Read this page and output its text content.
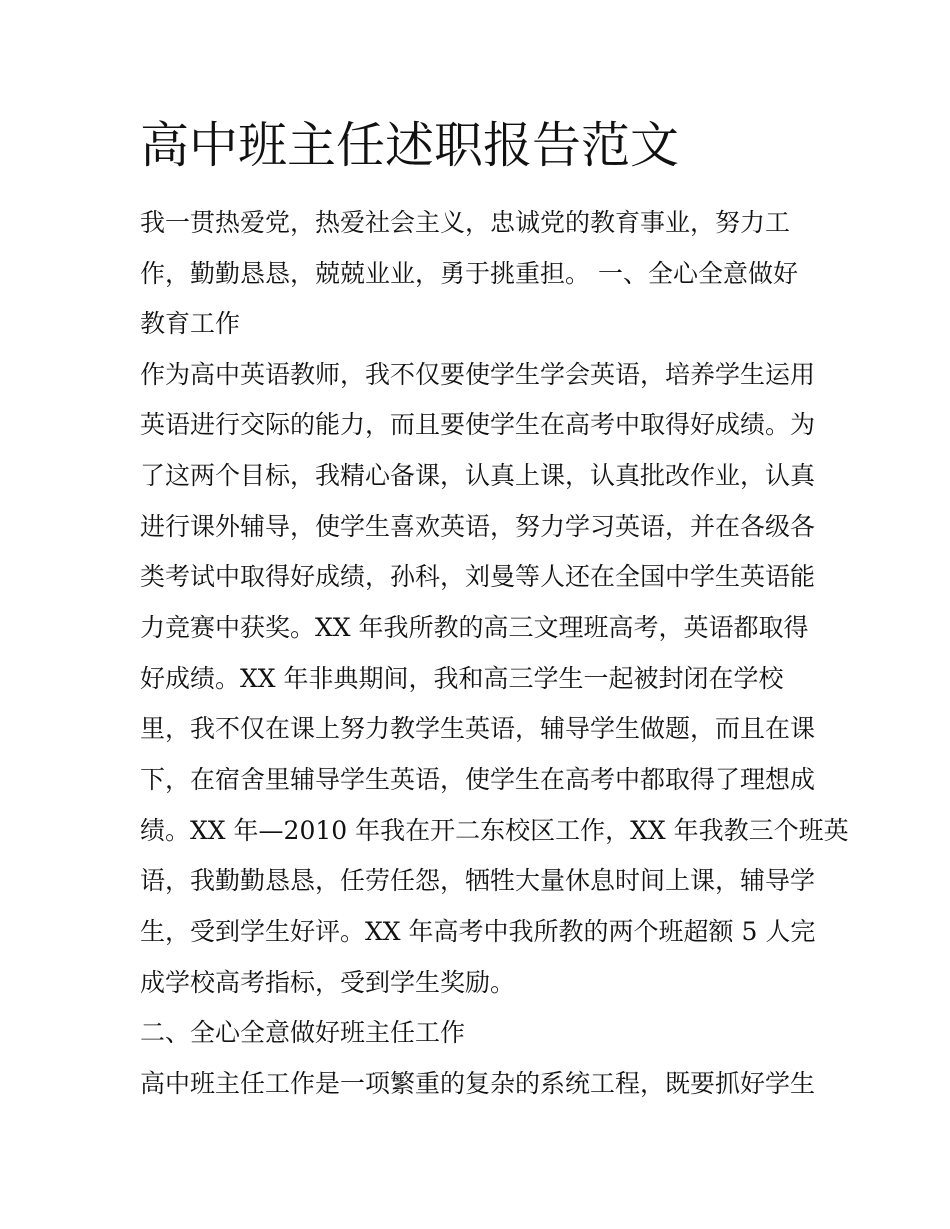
高中班主任述职报告范文

我一贯热爱党，热爱社会主义，忠诚党的教育事业，努力工

作，勤勤恳恳，兢兢业业，勇于挑重担。 一、全心全意做好

教育工作

作为高中英语教师，我不仅要使学生学会英语，培养学生运用

英语进行交际的能力，而且要使学生在高考中取得好成绩。为

了这两个目标，我精心备课，认真上课，认真批改作业，认真

进行课外辅导，使学生喜欢英语，努力学习英语，并在各级各

类考试中取得好成绩，孙科，刘曼等人还在全国中学生英语能

力竞赛中获奖。XX 年我所教的高三文理班高考，英语都取得

好成绩。XX 年非典期间，我和高三学生一起被封闭在学校

里，我不仅在课上努力教学生英语，辅导学生做题，而且在课

下，在宿舍里辅导学生英语，使学生在高考中都取得了理想成

绩。XX 年—2010 年我在开二东校区工作，XX 年我教三个班英

语，我勤勤恳恳，任劳任怨，牺牲大量休息时间上课，辅导学

生，受到学生好评。XX 年高考中我所教的两个班超额 5 人完

成学校高考指标，受到学生奖励。

二、全心全意做好班主任工作

高中班主任工作是一项繁重的复杂的系统工程，既要抓好学生
